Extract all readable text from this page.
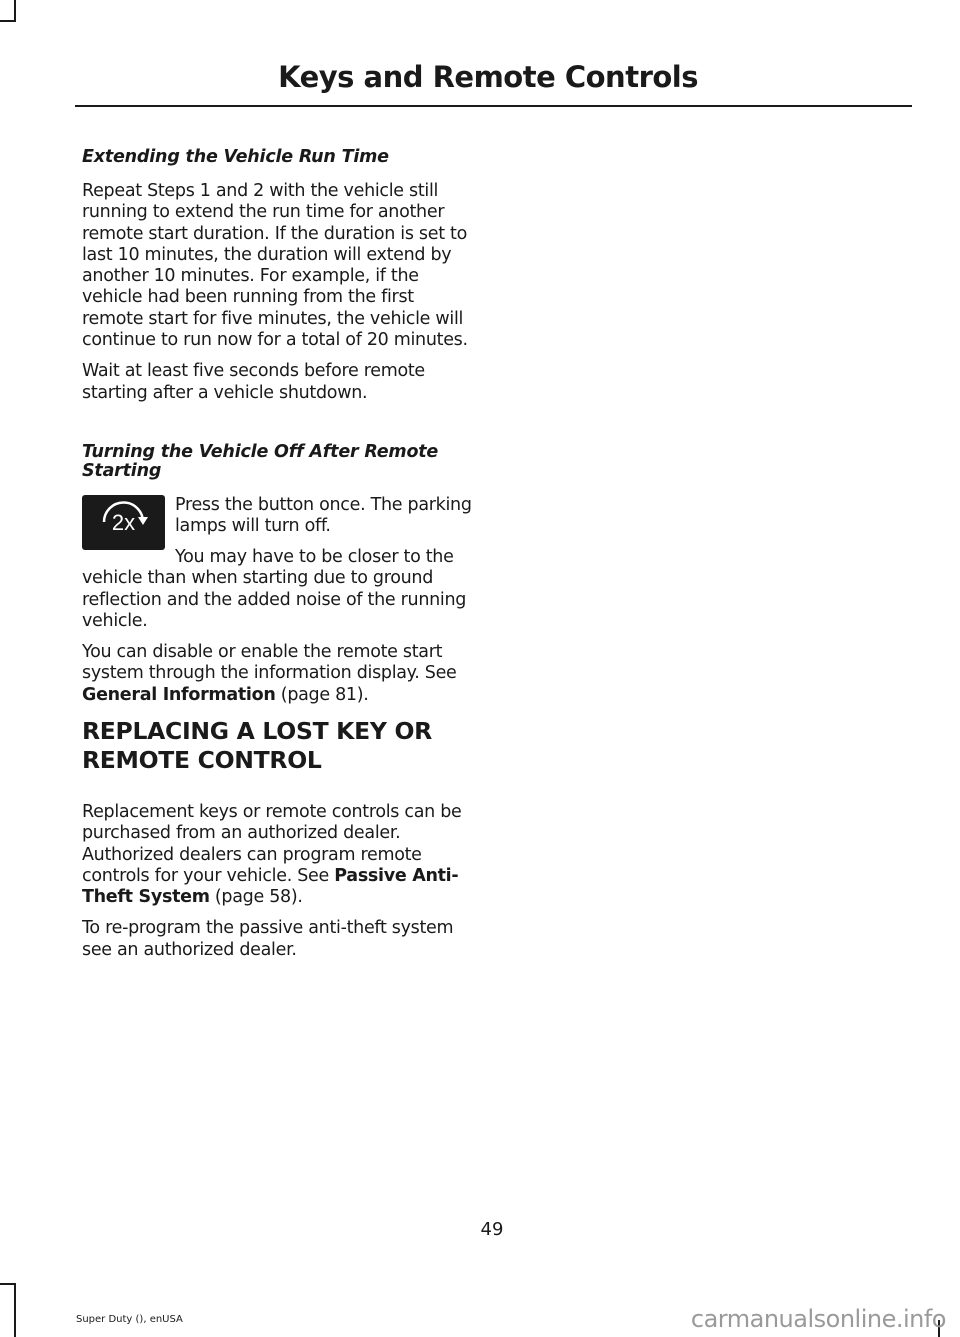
Keys and Remote Controls

Extending the Vehicle Run Time

Repeat Steps 1 and 2 with the vehicle still running to extend the run time for another remote start duration. If the duration is set to last 10 minutes, the duration will extend by another 10 minutes. For example, if the vehicle had been running from the first remote start for five minutes, the vehicle will continue to run now for a total of 20 minutes.

Wait at least five seconds before remote starting after a vehicle shutdown.

Turning the Vehicle Off After Remote Starting

2x

Press the button once. The parking lamps will turn off.

You may have to be closer to the vehicle than when starting due to ground reflection and the added noise of the running vehicle.

You can disable or enable the remote start system through the information display. See General Information (page 81).

REPLACING A LOST KEY OR

REMOTE CONTROL

Replacement keys or remote controls can be purchased from an authorized dealer. Authorized dealers can program remote controls for your vehicle. See Passive Anti-Theft System (page 58).

To re-program the passive anti-theft system see an authorized dealer.

49
Super Duty (), enUSA	carmanualsonline.info
